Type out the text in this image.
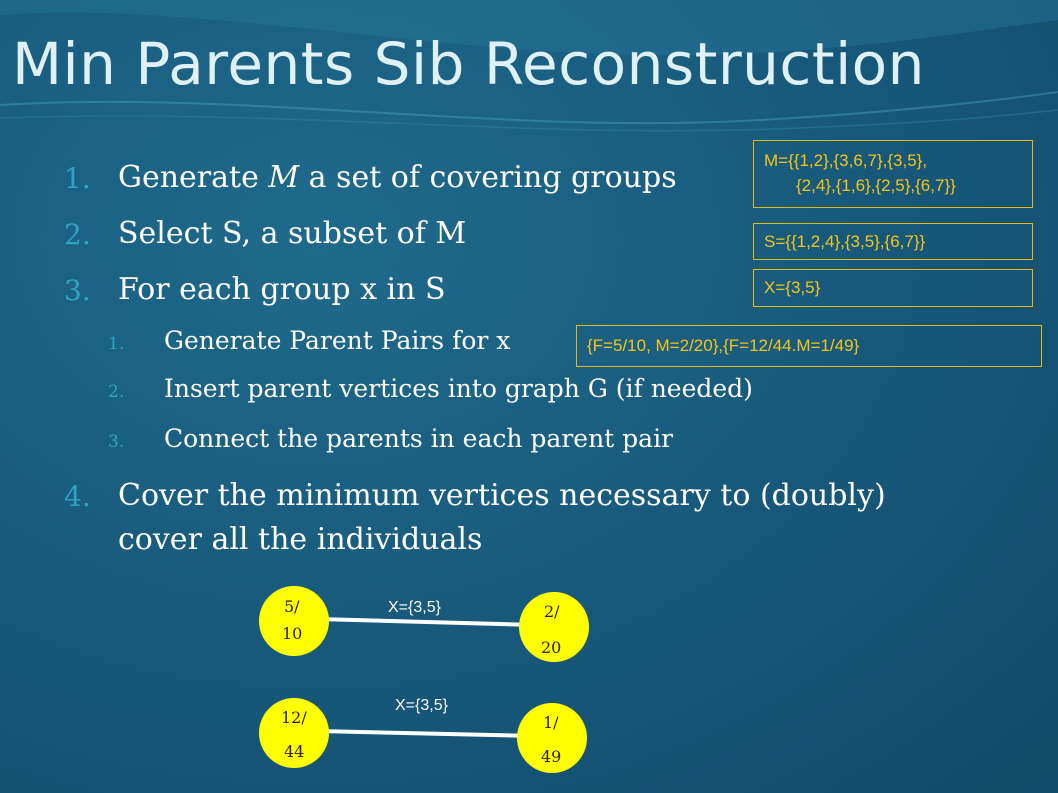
Min Parents Sib Reconstruction
1. Generate M a set of covering groups
2. Select S, a subset of M
3. For each group x in S
1. Generate Parent Pairs for x
2. Insert parent vertices into graph G (if needed)
3. Connect the parents in each parent pair
4. Cover the minimum vertices necessary to (doubly)
cover all the individuals
M={{1,2},{3,6,7},{3,5},
{2,4},{1,6},{2,5},{6,7}}
S={{1,2,4},{3,5},{6,7}}
X={3,5}
{F=5/10, M=2/20},{F=12/44.M=1/49}
X={3,5}
5/
10
2/
20
X={3,5}
12/
44
1/
49
